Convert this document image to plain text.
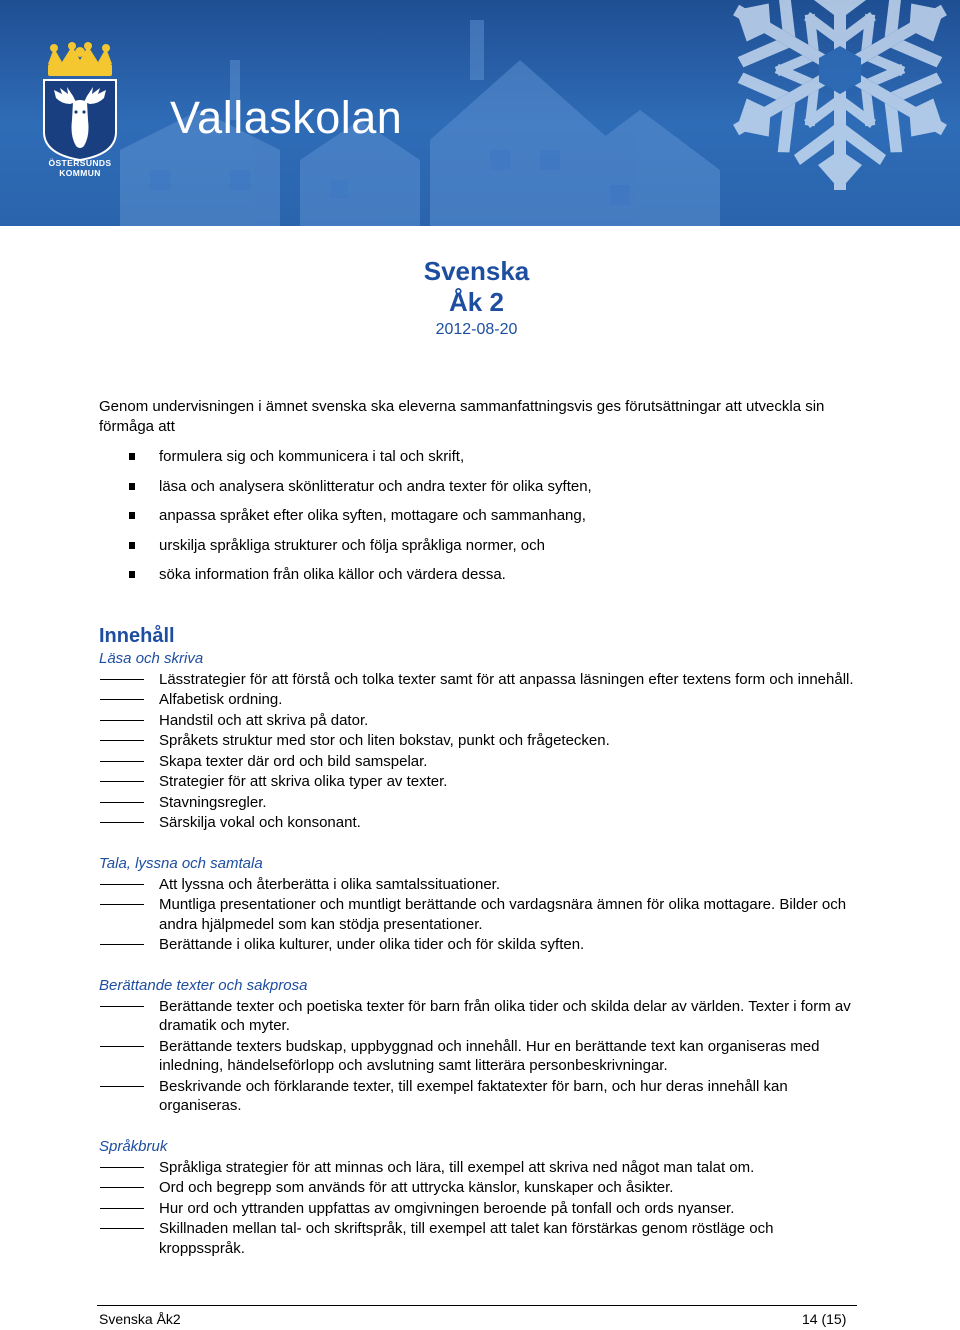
ÖSTERSUNDS
KOMMUN
Vallaskolan
Svenska
Åk 2
2012-08-20

Genom undervisningen i ämnet svenska ska eleverna sammanfattningsvis ges förutsättningar att utveckla sin förmåga att

formulera sig och kommunicera i tal och skrift,
läsa och analysera skönlitteratur och andra texter för olika syften,
anpassa språket efter olika syften, mottagare och sammanhang,
urskilja språkliga strukturer och följa språkliga normer, och
söka information från olika källor och värdera dessa.
Innehåll
Läsa och skriva
Lässtrategier för att förstå och tolka texter samt för att anpassa läsningen efter textens form och innehåll.
Alfabetisk ordning.
Handstil och att skriva på dator.
Språkets struktur med stor och liten bokstav, punkt och frågetecken.
Skapa texter där ord och bild samspelar.
Strategier för att skriva olika typer av texter.
Stavningsregler.
Särskilja vokal och konsonant.
Tala, lyssna och samtala
Att lyssna och återberätta i olika samtalssituationer.
Muntliga presentationer och muntligt berättande och vardagsnära ämnen för olika mottagare. Bilder och andra hjälpmedel som kan stödja presentationer.
Berättande i olika kulturer, under olika tider och för skilda syften.
Berättande texter och sakprosa
Berättande texter och poetiska texter för barn från olika tider och skilda delar av världen. Texter i form av dramatik och myter.
Berättande texters budskap, uppbyggnad och innehåll. Hur en berättande text kan organiseras med inledning, händelseförlopp och avslutning samt litterära personbeskrivningar.
Beskrivande och förklarande texter, till exempel faktatexter för barn, och hur deras innehåll kan organiseras.
Språkbruk
Språkliga strategier för att minnas och lära, till exempel att skriva ned något man talat om.
Ord och begrepp som används för att uttrycka känslor, kunskaper och åsikter.
Hur ord och yttranden uppfattas av omgivningen beroende på tonfall och ords nyanser.
Skillnaden mellan tal- och skriftspråk, till exempel att talet kan förstärkas genom röstläge och kroppsspråk.
Svenska Åk2	14 (15)
